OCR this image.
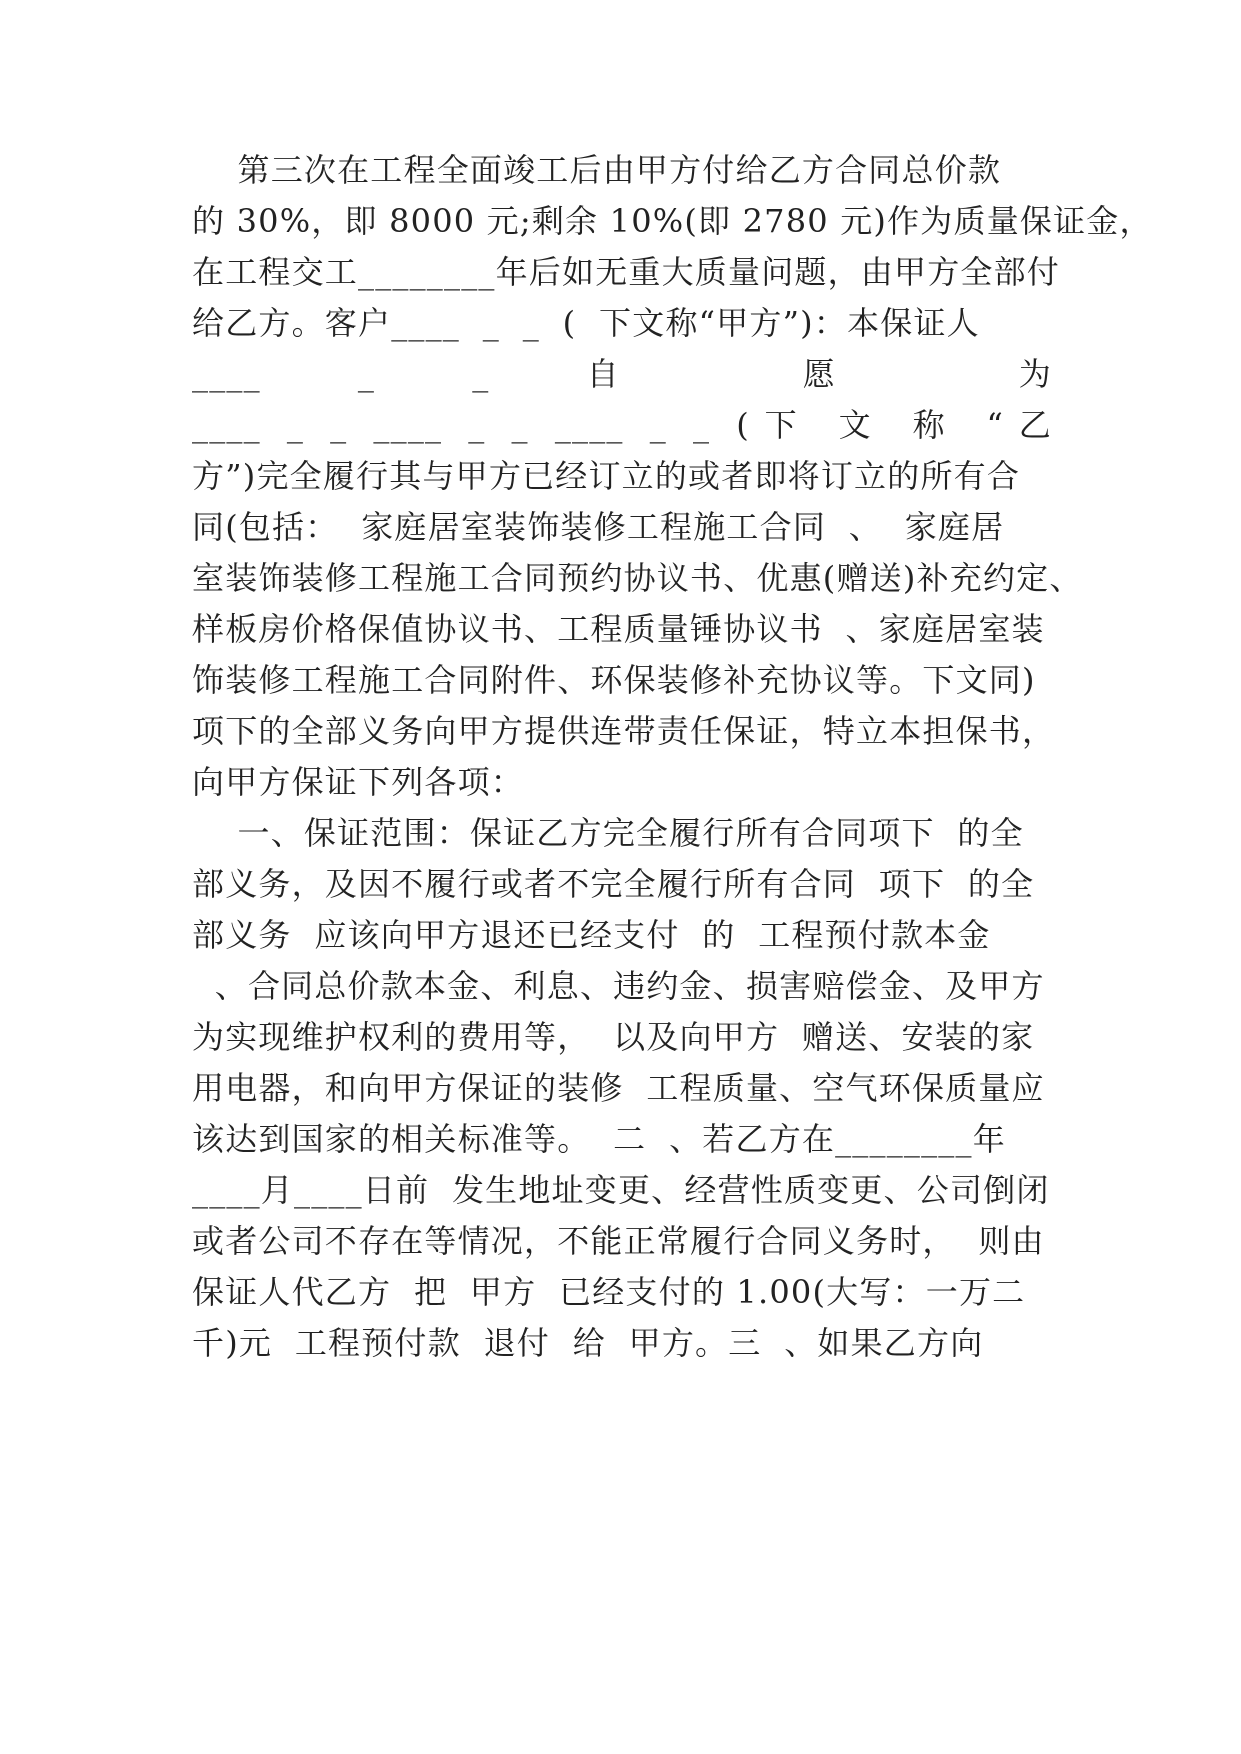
第三次在工程全面竣工后由甲方付给乙方合同总价款
的 30%，即 8000 元;剩余 10%(即 2780 元)作为质量保证金，
在工程交工________年后如无重大质量问题，由甲方全部付
给乙方。客户____  _  _  (  下文称“甲方”)：本保证人
____ _ _ 自 愿 为
____ _ _ ____ _ _ ____ _ _ (下 文 称 “乙
方”)完全履行其与甲方已经订立的或者即将订立的所有合
同(包括：  家庭居室装饰装修工程施工合同  、  家庭居
室装饰装修工程施工合同预约协议书、优惠(赠送)补充约定、
样板房价格保值协议书、工程质量锤协议书  、家庭居室装
饰装修工程施工合同附件、环保装修补充协议等。下文同)
项下的全部义务向甲方提供连带责任保证，特立本担保书，
向甲方保证下列各项：
一、保证范围：保证乙方完全履行所有合同项下  的全
部义务，及因不履行或者不完全履行所有合同  项下  的全
部义务  应该向甲方退还已经支付  的  工程预付款本金
、合同总价款本金、利息、违约金、损害赔偿金、及甲方
为实现维护权利的费用等，  以及向甲方  赠送、安装的家
用电器，和向甲方保证的装修  工程质量、空气环保质量应
该达到国家的相关标准等。  二  、若乙方在________年
____月____日前  发生地址变更、经营性质变更、公司倒闭
或者公司不存在等情况，不能正常履行合同义务时，  则由
保证人代乙方  把  甲方  已经支付的 1.00(大写：一万二
千)元  工程预付款  退付  给  甲方。三  、如果乙方向
